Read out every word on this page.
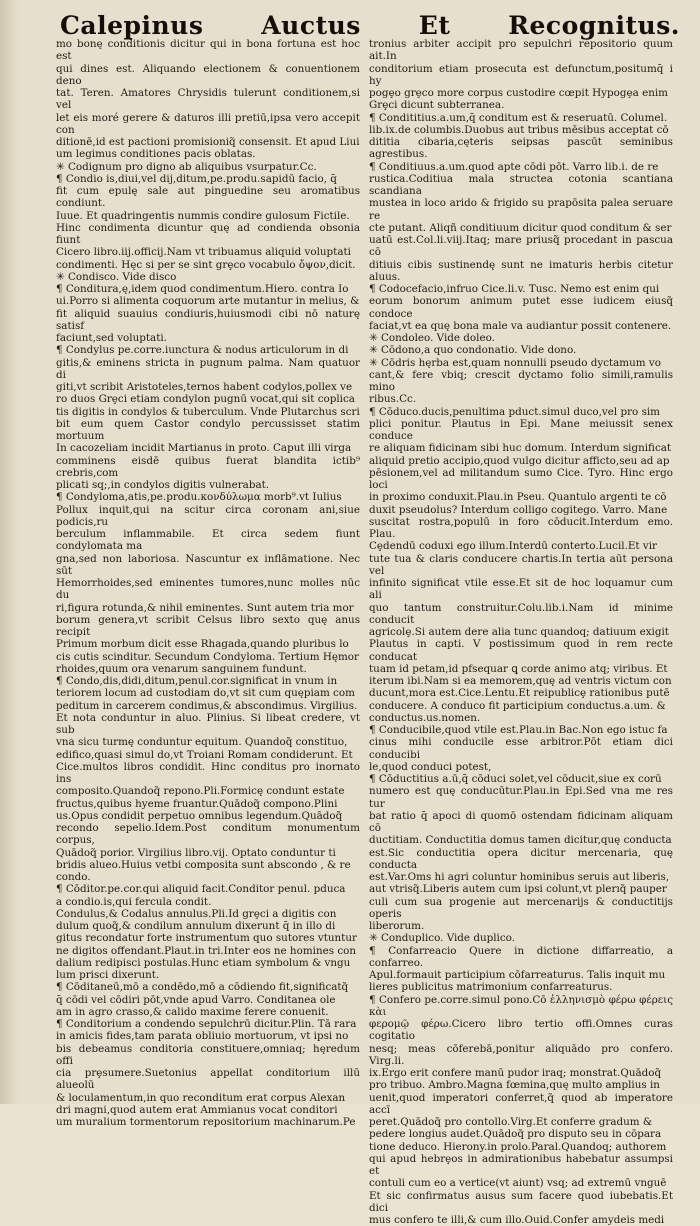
Calepinus Auctus Et Recognitus.

mo bonę conditionis dicitur qui in bona fortuna est hoc est

qui dines est. Aliquando electionem & conuentionem deno

tat. Teren. Amatores Chrysidis tulerunt conditionem,si vel

let eis moré gerere & daturos illi pretiū,ipsa vero accepit con

ditionē,id est pactioni promisioniq̃ consensit. Et apud Liui

um legimus conditiones pacis oblatas.

✳ Codignum pro digno ab aliquibus vsurpatur.Cc.

¶ Condio is,diui,vel dij,ditum,pe.produ.sapidū facio, q̄

fit cum epulę sale aut pinguedine seu aromatibus condiunt.

Iuue. Et quadringentis nummis condire gulosum Fictile.

Hinc condimenta dicuntur quę ad condienda obsonia fiunt

Cicero libro.iij.officij.Nam vt tribuamus aliquid voluptati

condimenti. Hęc si per se sint grȩco vocabulo ὄψον,dicit.

✳ Condisco. Vide disco

¶ Conditura,ę,idem quod condimentum.Hiero. contra Io

ui.Porro si alimenta coquorum arte mutantur in melius, &

fit aliquid suauius condiuris,huiusmodi cibi nō naturę satisf

faciunt,sed voluptati.

¶ Condylus pe.corre.iunctura & nodus articulorum in di

gitis,& eminens stricta in pugnum palma. Nam quatuor di

giti,vt scribit Aristoteles,ternos habent codylos,pollex ve

ro duos Grȩci etiam condylon pugnū vocat,qui sit coplica

tis digitis in condylos & tuberculum. Vnde Plutarchus scri

bit eum quem Castor condylo percussisset statim mortuum

In cacozeliam incidit Martianus in proto. Caput illi virga

comminens eisdē quibus fuerat blandita ictib⁹ crebris,com

plicati sq;,in condylos digitis vulnerabat.

¶ Condyloma,atis,pe.produ.κονδύλωμα morb⁹.vt Iulius

Pollux inquit,qui na scitur circa coronam ani,siue podicis,ru

berculum inflammabile. Et circa sedem fiunt condylomata ma

gna,sed non laboriosa. Nascuntur ex inflāmatione. Nec sūt

Hemorrhoides,sed eminentes tumores,nunc molles nūc du

ri,figura rotunda,& nihil eminentes. Sunt autem tria mor

borum genera,vt scribit Celsus libro sexto quę anus recipit

Primum morbum dicit esse Rhagada,quando pluribus lo

cis cutis scinditur. Secundum Condyloma. Tertium Hęmor

rhoides,quum ora venarum sanguinem fundunt.

¶ Condo,dis,didi,ditum,penul.cor.significat in vnum in

teriorem locum ad custodiam do,vt sit cum quępiam com

peditum in carcerem condimus,& abscondimus. Virgilius.

Et nota conduntur in aluo. Plinius. Si libeat credere, vt sub

vna sicu turmę conduntur equitum. Quandoq̃ constituo,

edifico,quasi simul do,vt Troiani Romam condiderunt. Et

Cice.multos libros condidit. Hinc conditus pro inornato ins

composito.Quandoq̃ repono.Pli.Formicę condunt estate

fructus,quibus hyeme fruantur.Quādoq̃ compono.Plini

us.Opus condidit perpetuo omnibus legendum.Quādoq̃

recondo sepelio.Idem.Post conditum monumentum corpus,

Quādoq̃ porior. Virgilius libro.vij. Optato conduntur ti

bridis alueo.Huius vetbi composita sunt abscondo , & re

condo.

¶ Cōditor.pe.cor.qui aliquid facit.Conditor penul. pduca

a condio.is,qui fercula condit.

Condulus,& Codalus annulus.Pli.Id grȩci a digitis con

dulum quoq̃,& condilum annulum dixerunt q̄ in illo di

gitus recondatur forte instrumentum quo sutores vtuntur

ne digitos offendant.Plaut.in tri.Inter eos ne homines con

dalium redipisci postulas.Hunc etiam symbolum & vngu

lum prisci dixerunt.

¶ Cōditaneū,mō a condēdo,mō a cōdiendo fit,significatq̃

q̄ cōdi vel cōdiri pōt,vnde apud Varro. Conditanea ole

am in agro crasso,& calido maxime ferere conuenit.

¶ Conditorium a condendo sepulchrū dicitur.Plin. Tā rara

in amicis fides,tam parata obliuio mortuorum, vt ipsi no

bis debeamus conditoria constituere,omniaq; hęredum offi

cia prȩsumere.Suetonius appellat conditorium illū alueolū

& loculamentum,in quo reconditum erat corpus Alexan

dri magni,quod autem erat Ammianus vocat conditori

um muralium tormentorum repositorium machinarum.Pe

tronius arbiter accipit pro sepulchri repositorio quum ait.In

conditorium etiam prosecuta est defunctum,positumq̄ i hy

pogȩo grȩco more corpus custodire cœpit Hypogȩa enim

Grȩci dicunt subterranea.

¶ Condititius.a.um,q̄ conditum est & reseruatū. Columel.

lib.ix.de columbis.Duobus aut tribus mēsibus acceptat cō

dititia cibaria,cęteris seipsas pascūt seminibus agrestibus.

¶ Conditiuus.a.um.quod apte cōdi pōt. Varro lib.i. de re

rustica.Coditiua mala structea cotonia scantiana scandiana

mustea in loco arido & frigido su prapōsita palea seruare re

cte putant. Aliqñ conditiuum dicitur quod conditum & ser

uatū est.Col.li.viij.Itaq; mare priusq̃ procedant in pascua cō

ditiuis cibis sustinendę sunt ne imaturis herbis citetur aluus.

¶ Codocefacio,infruo Cice.li.v. Tusc. Nemo est enim qui

eorum bonorum animum putet esse iudicem eiusq̃ condoce

faciat,vt ea quę bona male va audiantur possit contenere.

✳ Condoleo. Vide doleo.

✳ Cōdono,a quo condonatio. Vide dono.

✳ Cōdris hęrba est,quam nonnulli pseudo dyctamum vo

cant,& fere vbiq; crescit dyctamo folio simili,ramulis mino

ribus.Cc.

¶ Cōduco.ducis,penultima pduct.simul duco,vel pro sim

plici ponitur. Plautus in Epi. Mane meiussit senex conduce

re aliquam fidicinam sibi huc domum. Interdum significat

aliquid pretio accipio,quod vulgo dicitur afficto,seu ad ap

pēsionem,vel ad militandum sumo Cice. Tyro. Hinc ergo loci

in proximo conduxit.Plau.in Pseu. Quantulo argenti te cō

duxit pseudolus? Interdum colligo cogitego. Varro. Mane

suscitat rostra,populū in foro cōducit.Interdum emo. Plau.

Cȩdendū coduxi ego illum.Interdū conterto.Lucil.Et vir

tute tua & claris conducere chartis.In tertia aūt persona vel

infinito significat vtile esse.Et sit de hoc loquamur cum ali

quo tantum construitur.Colu.lib.i.Nam id minime conducit

agricolȩ.Si autem dere alia tunc quandoq; datiuum exigit

Plautus in capti. V postissimum quod in rem recte conducat

tuam id petam,id pfsequar ꝗ corde animo atq; viribus. Et

iterum ibi.Nam si ea memorem,quę ad ventris victum con

ducunt,mora est.Cice.Lentu.Et reipublicȩ rationibus putē

conducere. A conduco fit participium conductus.a.um. &

conductus.us.nomen.

¶ Conducibile,quod vtile est.Plau.in Bac.Non ego istuc fa

cinus mihi conducile esse arbitror.Pōt etiam dici conducibi

le,quod conduci potest,

¶ Cōductitius a.ū,q̄ cōduci solet,vel cōducit,siue ex corū

numero est quę conducūtur.Plau.in Epi.Sed vna me res tur

bat ratio q̄ apoci di quomō ostendam fidicinam aliquam cō

ductitiam. Conductitia domus tamen dicitur,quę conducta

est.Sic conductitia opera dicitur mercenaria, quę conducta

est.Var.Oms hi agri coluntur hominibus seruis aut liberis,

aut vtrisq̃.Liberis autem cum ipsi colunt,vt plerıq̃ pauper

culi cum sua progenie aut mercenarijs & conductitijs operis

liberorum.

✳ Conduplico. Vide duplico.

¶ Confarreacio Quere in dictione diffarreatio, a confarreo.

Apul.formauit participium cōfarreaturus. Talis inquit mu

lieres publicitus matrimonium confarreaturus.

¶ Confero pe.corre.simul pono.Cō ἐλληνισμὸ φέρω φέρεις κὰι

φερομῷ φέρω.Cicero libro tertio offi.Omnes curas cogitatio

nesq; meas cōferebā,ponitur aliquādo pro confero. Virg.li.

ix.Ergo erit confere manū pudor iraq; monstrat.Quādoq̃

pro tribuo. Ambro.Magna fœmina,quę multo amplius in

uenit,quod imperatori conferret,q̃ quod ab imperatore accī

peret.Quādoq̃ pro contollo.Virg.Et conferre gradum &

pedere longius audet.Quādoq̃ pro disputo seu in cōpara

tione deduco. Hierony.in prolo.Paral.Quandoq; authorem

qui apud hebrȩos in admirationibus habebatur assumpsi et

contuli cum eo a vertice(vt aiunt) vsq; ad extremū vnguē

Et sic confirmatus ausus sum facere quod iubebatis.Et dici

mus confero te illi,& cum illo.Ouid.Confer amydeis medi
